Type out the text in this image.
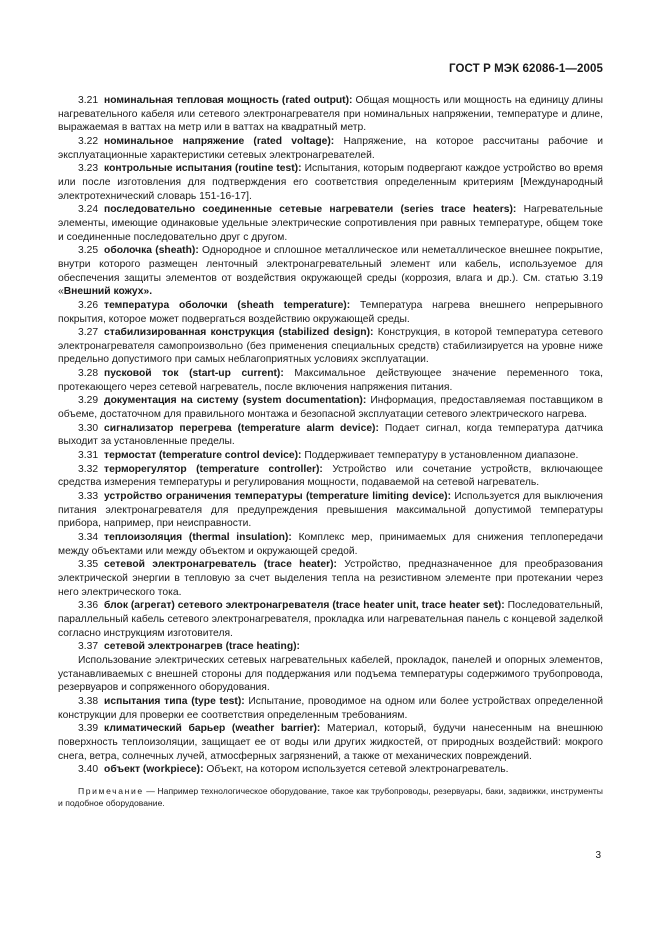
ГОСТ Р МЭК 62086-1—2005
3.21 номинальная тепловая мощность (rated output): Общая мощность или мощность на единицу длины нагревательного кабеля или сетевого электронагревателя при номинальных напряжении, температуре и длине, выражаемая в ваттах на метр или в ваттах на квадратный метр.
3.22 номинальное напряжение (rated voltage): Напряжение, на которое рассчитаны рабочие и эксплуатационные характеристики сетевых электронагревателей.
3.23 контрольные испытания (routine test): Испытания, которым подвергают каждое устройство во время или после изготовления для подтверждения его соответствия определенным критериям [Международный электротехнический словарь 151-16-17].
3.24 последовательно соединенные сетевые нагреватели (series trace heaters): Нагревательные элементы, имеющие одинаковые удельные электрические сопротивления при равных температуре, общем токе и соединенные последовательно друг с другом.
3.25 оболочка (sheath): Однородное и сплошное металлическое или неметаллическое внешнее покрытие, внутри которого размещен ленточный электронагревательный элемент или кабель, используемое для обеспечения защиты элементов от воздействия окружающей среды (коррозия, влага и др.). См. статью 3.19 «Внешний кожух».
3.26 температура оболочки (sheath temperature): Температура нагрева внешнего непрерывного покрытия, которое может подвергаться воздействию окружающей среды.
3.27 стабилизированная конструкция (stabilized design): Конструкция, в которой температура сетевого электронагревателя самопроизвольно (без применения специальных средств) стабилизируется на уровне ниже предельно допустимого при самых неблагоприятных условиях эксплуатации.
3.28 пусковой ток (start-up current): Максимальное действующее значение переменного тока, протекающего через сетевой нагреватель, после включения напряжения питания.
3.29 документация на систему (system documentation): Информация, предоставляемая поставщиком в объеме, достаточном для правильного монтажа и безопасной эксплуатации сетевого электрического нагрева.
3.30 сигнализатор перегрева (temperature alarm device): Подает сигнал, когда температура датчика выходит за установленные пределы.
3.31 термостат (temperature control device): Поддерживает температуру в установленном диапазоне.
3.32 терморегулятор (temperature controller): Устройство или сочетание устройств, включающее средства измерения температуры и регулирования мощности, подаваемой на сетевой нагреватель.
3.33 устройство ограничения температуры (temperature limiting device): Используется для выключения питания электронагревателя для предупреждения превышения максимальной допустимой температуры прибора, например, при неисправности.
3.34 теплоизоляция (thermal insulation): Комплекс мер, принимаемых для снижения теплопередачи между объектами или между объектом и окружающей средой.
3.35 сетевой электронагреватель (trace heater): Устройство, предназначенное для преобразования электрической энергии в тепловую за счет выделения тепла на резистивном элементе при протекании через него электрического тока.
3.36 блок (агрегат) сетевого электронагревателя (trace heater unit, trace heater set): Последовательный, параллельный кабель сетевого электронагревателя, прокладка или нагревательная панель с концевой заделкой согласно инструкциям изготовителя.
3.37 сетевой электронагрев (trace heating):
Использование электрических сетевых нагревательных кабелей, прокладок, панелей и опорных элементов, устанавливаемых с внешней стороны для поддержания или подъема температуры содержимого трубопровода, резервуаров и сопряженного оборудования.
3.38 испытания типа (type test): Испытание, проводимое на одном или более устройствах определенной конструкции для проверки ее соответствия определенным требованиям.
3.39 климатический барьер (weather barrier): Материал, который, будучи нанесенным на внешнюю поверхность теплоизоляции, защищает ее от воды или других жидкостей, от природных воздействий: мокрого снега, ветра, солнечных лучей, атмосферных загрязнений, а также от механических повреждений.
3.40 объект (workpiece): Объект, на котором используется сетевой электронагреватель.
Примечание — Например технологическое оборудование, такое как трубопроводы, резервуары, баки, задвижки, инструменты и подобное оборудование.
3
